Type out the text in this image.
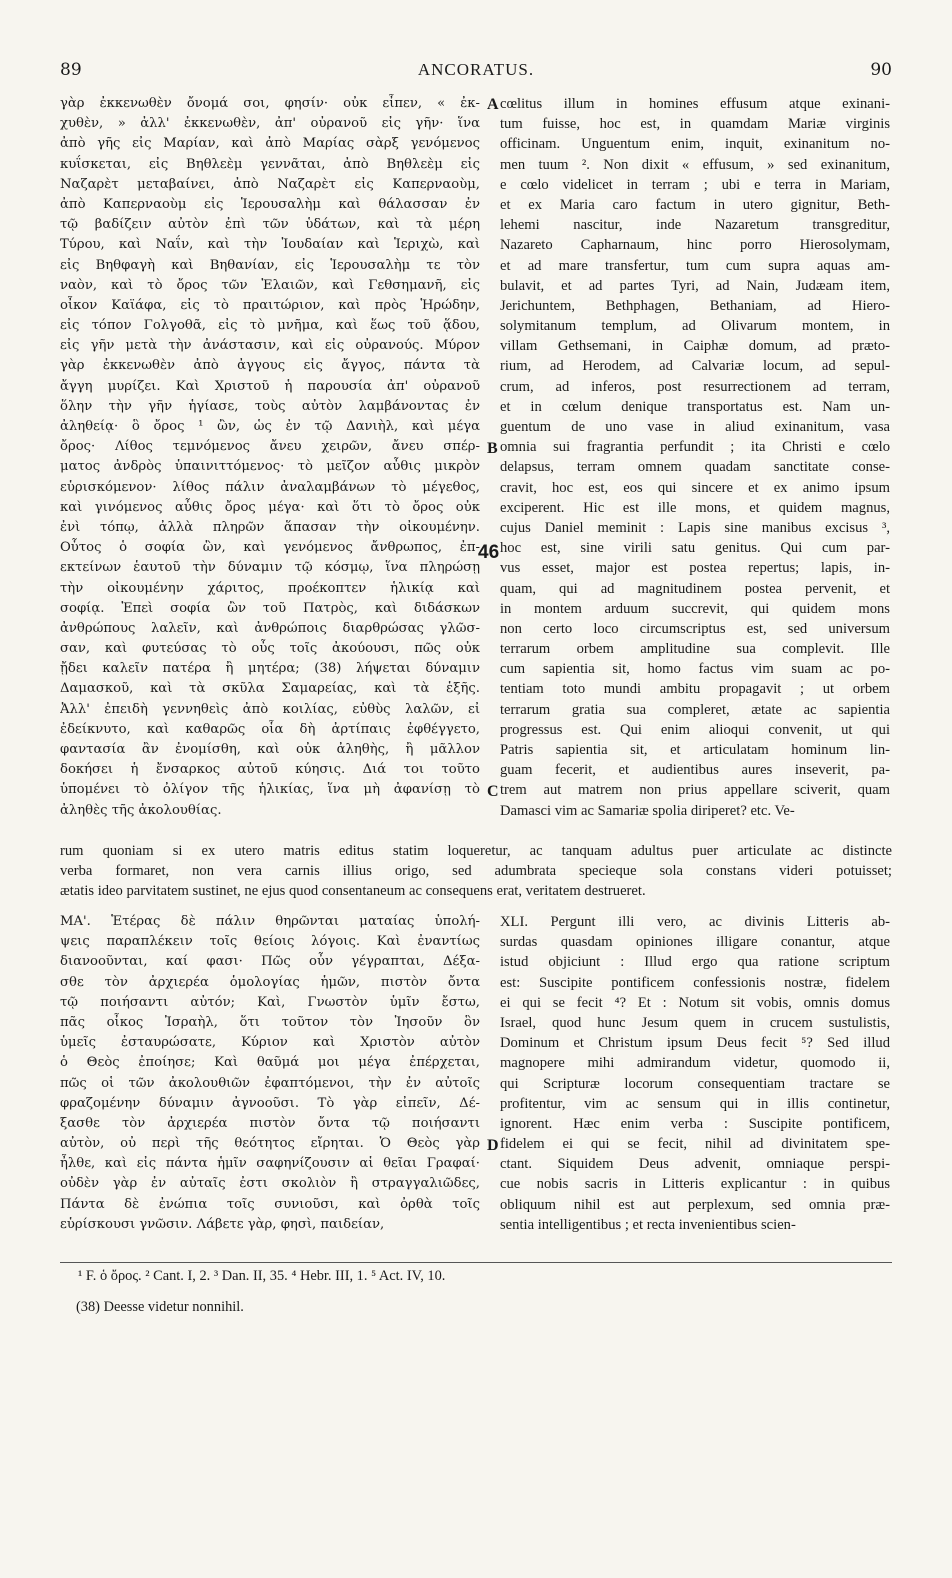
89	ANCORATUS.	90
γὰρ ἐκκενωθὲν ὄνομά σοι, φησίν· οὐκ εἶπεν, « ἐκ-
χυθὲν, » ἀλλ' ἐκκενωθὲν, ἀπ' οὐρανοῦ εἰς γῆν· ἵνα
ἀπὸ γῆς εἰς Μαρίαν, καὶ ἀπὸ Μαρίας σὰρξ γενόμενος
κυΐσκεται, εἰς Βηθλεὲμ γεννᾶται, ἀπὸ Βηθλεὲμ εἰς
Ναζαρὲτ μεταβαίνει, ἀπὸ Ναζαρὲτ εἰς Καπερναοὺμ,
ἀπὸ Καπερναοὺμ εἰς Ἱερουσαλὴμ καὶ θάλασσαν ἐν
τῷ βαδίζειν αὐτὸν ἐπὶ τῶν ὑδάτων, καὶ τὰ μέρη
Τύρου, καὶ Ναΐν, καὶ τὴν Ἰουδαίαν καὶ Ἱεριχὼ, καὶ
εἰς Βηθφαγὴ καὶ Βηθανίαν, εἰς Ἱερουσαλὴμ τε τὸν
ναὸν, καὶ τὸ ὄρος τῶν Ἐλαιῶν, καὶ Γεθσημανῆ, εἰς
οἶκον Καϊάφα, εἰς τὸ πραιτώριον, καὶ πρὸς Ἡρώδην,
εἰς τόπον Γολγοθᾶ, εἰς τὸ μνῆμα, καὶ ἕως τοῦ ᾅδου,
εἰς γῆν μετὰ τὴν ἀνάστασιν, καὶ εἰς οὐρανούς. Μύρον
γὰρ ἐκκενωθὲν ἀπὸ ἀγγους εἰς ἄγγος, πάντα τὰ
ἄγγη μυρίζει. Καὶ Χριστοῦ ἡ παρουσία ἀπ' οὐρανοῦ
ὅλην τὴν γῆν ἡγίασε, τοὺς αὐτὸν λαμβάνοντας ἐν
ἀληθείᾳ· ὃ ὄρος ¹ ὢν, ὡς ἐν τῷ Δανιὴλ, καὶ μέγα
ὄρος· Λίθος τεμνόμενος ἄνευ χειρῶν, ἄνευ σπέρ-
ματος ἀνδρὸς ὑπαινιττόμενος· τὸ μεῖζον αὖθις μικρὸν
εὑρισκόμενον· λίθος πάλιν ἀναλαμβάνων τὸ μέγεθος,
καὶ γινόμενος αὖθις ὄρος μέγα· καὶ ὅτι τὸ ὄρος οὐκ
ἐνὶ τόπῳ, ἀλλὰ πληρῶν ἅπασαν τὴν οἰκουμένην.
Οὗτος ὁ σοφία ὢν, καὶ γενόμενος ἄνθρωπος, ἐπ-
εκτείνων ἑαυτοῦ τὴν δύναμιν τῷ κόσμῳ, ἵνα πληρώσῃ
τὴν οἰκουμένην χάριτος, προέκοπτεν ἡλικίᾳ καὶ
σοφίᾳ. Ἐπεὶ σοφία ὢν τοῦ Πατρὸς, καὶ διδάσκων
ἀνθρώπους λαλεῖν, καὶ ἀνθρώποις διαρθρώσας γλῶσ-
σαν, καὶ φυτεύσας τὸ οὖς τοῖς ἀκούουσι, πῶς οὐκ
ᾔδει καλεῖν πατέρα ἢ μητέρα; (38) λήψεται δύναμιν
Δαμασκοῦ, καὶ τὰ σκῦλα Σαμαρείας, καὶ τὰ ἑξῆς.
Ἀλλ' ἐπειδὴ γεννηθεὶς ἀπὸ κοιλίας, εὐθὺς λαλῶν, εἰ
ἐδείκνυτο, καὶ καθαρῶς οἷα δὴ ἀρτίπαις ἐφθέγγετο,
φαντασία ἂν ἐνομίσθη, καὶ οὐκ ἀληθὴς, ἢ μᾶλλον
δοκήσει ἡ ἔνσαρκος αὐτοῦ κύησις. Διά τοι τοῦτο
ὑπομένει τὸ ὀλίγον τῆς ἡλικίας, ἵνα μὴ ἀφανίσῃ τὸ
ἀληθὲς τῆς ἀκολουθίας.
cœlitus illum in homines effusum atque exinani-
tum fuisse, hoc est, in quamdam Mariæ virginis
officinam. Unguentum enim, inquit, exinanitum no-
men tuum ². Non dixit « effusum, » sed exinanitum,
e cœlo videlicet in terram ; ubi e terra in Mariam,
et ex Maria caro factum in utero gignitur, Beth-
lehemi nascitur, inde Nazaretum transgreditur,
Nazareto Capharnaum, hinc porro Hierosolymam,
et ad mare transfertur, tum cum supra aquas am-
bulavit, et ad partes Tyri, ad Nain, Judæam item,
Jerichuntem, Bethphagen, Bethaniam, ad Hiero-
solymitanum templum, ad Olivarum montem, in
villam Gethsemani, in Caiphæ domum, ad præto-
rium, ad Herodem, ad Calvariæ locum, ad sepul-
crum, ad inferos, post resurrectionem ad terram,
et in cœlum denique transportatus est. Nam un-
guentum de uno vase in aliud exinanitum, vasa
omnia sui fragrantia perfundit ; ita Christi e cœlo
delapsus, terram omnem quadam sanctitate conse-
cravit, hoc est, eos qui sincere et ex animo ipsum
exciperent. Hic est ille mons, et quidem magnus,
cujus Daniel meminit : Lapis sine manibus excisus ³,
hoc est, sine virili satu genitus. Qui cum par-
vus esset, major est postea repertus; lapis, in-
quam, qui ad magnitudinem postea pervenit, et
in montem arduum succrevit, qui quidem mons
non certo loco circumscriptus est, sed universum
terrarum orbem amplitudine sua complevit. Ille
cum sapientia sit, homo factus vim suam ac po-
tentiam toto mundi ambitu propagavit ; ut orbem
terrarum gratia sua compleret, ætate ac sapientia
progressus est. Qui enim alioqui convenit, ut qui
Patris sapientia sit, et articulatam hominum lin-
guam fecerit, et audientibus aures inseverit, pa-
trem aut matrem non prius appellare sciverit, quam
Damasci vim ac Samariæ spolia diriperet? etc. Ve-
A
B
C
D
46
rum quoniam si ex utero matris editus statim loqueretur, ac tanquam adultus puer articulate ac distincte
verba formaret, non vera carnis illius origo, sed adumbrata specieque sola constans videri potuisset;
ætatis ideo parvitatem sustinet, ne ejus quod consentaneum ac consequens erat, veritatem destrueret.
ΜΑ'. Ἑτέρας δὲ πάλιν θηρῶνται ματαίας ὑπολή-
ψεις παραπλέκειν τοῖς θείοις λόγοις. Καὶ ἐναντίως
διανοοῦνται, καί φασι· Πῶς οὖν γέγραπται, Δέξα-
σθε τὸν ἀρχιερέα ὁμολογίας ἡμῶν, πιστὸν ὄντα
τῷ ποιήσαντι αὐτόν; Καὶ, Γνωστὸν ὑμῖν ἔστω,
πᾶς οἶκος Ἰσραὴλ, ὅτι τοῦτον τὸν Ἰησοῦν ὃν
ὑμεῖς ἐσταυρώσατε, Κύριον καὶ Χριστὸν αὐτὸν
ὁ Θεὸς ἐποίησε; Καὶ θαῦμά μοι μέγα ἐπέρχεται,
πῶς οἱ τῶν ἀκολουθιῶν ἐφαπτόμενοι, τὴν ἐν αὐτοῖς
φραζομένην δύναμιν ἀγνοοῦσι. Τὸ γὰρ εἰπεῖν, Δέ-
ξασθε τὸν ἀρχιερέα πιστὸν ὄντα τῷ ποιήσαντι
αὐτὸν, οὐ περὶ τῆς θεότητος εἴρηται. Ὁ Θεὸς γὰρ
ἦλθε, καὶ εἰς πάντα ἡμῖν σαφηνίζουσιν αἱ θεῖαι Γραφαί·
οὐδὲν γὰρ ἐν αὐταῖς ἐστι σκολιὸν ἢ στραγγαλιῶδες,
Πάντα δὲ ἐνώπια τοῖς συνιοῦσι, καὶ ὀρθὰ τοῖς
εὑρίσκουσι γνῶσιν. Λάβετε γὰρ, φησὶ, παιδείαν,
XLI. Pergunt illi vero, ac divinis Litteris ab-
surdas quasdam opiniones illigare conantur, atque
istud objiciunt : Illud ergo qua ratione scriptum
est: Suscipite pontificem confessionis nostræ, fidelem
ei qui se fecit ⁴? Et : Notum sit vobis, omnis domus
Israel, quod hunc Jesum quem in crucem sustulistis,
Dominum et Christum ipsum Deus fecit ⁵? Sed illud
magnopere mihi admirandum videtur, quomodo ii,
qui Scripturæ locorum consequentiam tractare se
profitentur, vim ac sensum qui in illis continetur,
ignorent. Hæc enim verba : Suscipite pontificem,
fidelem ei qui se fecit, nihil ad divinitatem spe-
ctant. Siquidem Deus advenit, omniaque perspi-
cue nobis sacris in Litteris explicantur : in quibus
obliquum nihil est aut perplexum, sed omnia præ-
sentia intelligentibus ; et recta invenientibus scien-
¹ F. ὁ ὄρος. ² Cant. I, 2. ³ Dan. II, 35. ⁴ Hebr. III, 1. ⁵ Act. IV, 10.
(38) Deesse videtur nonnihil.
